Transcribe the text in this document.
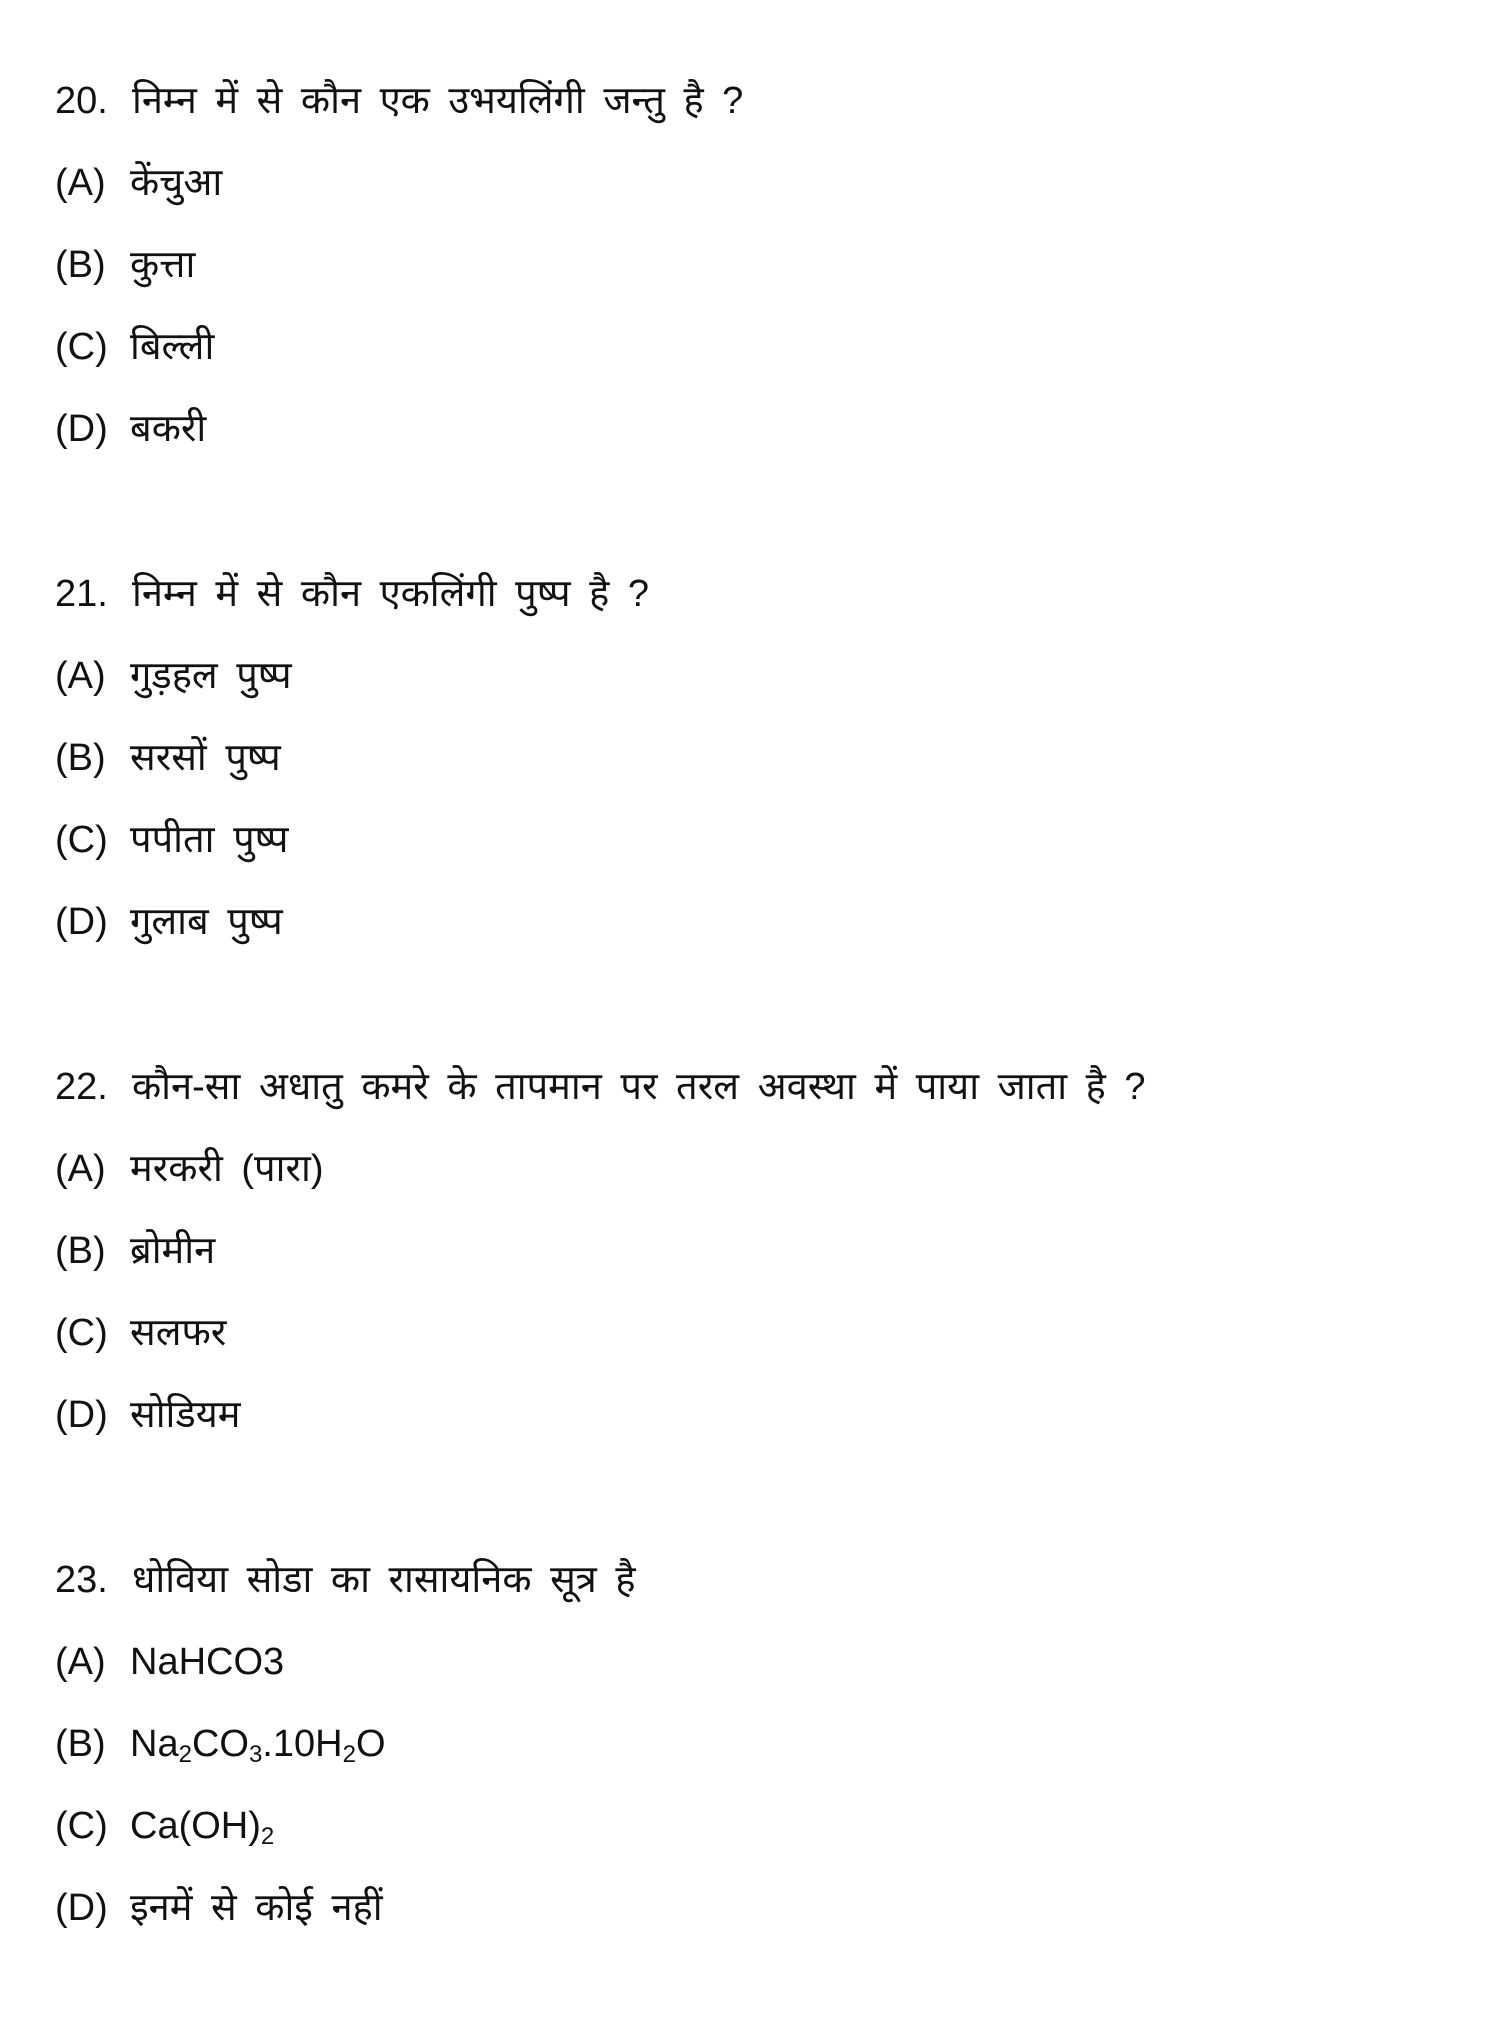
20. निम्न में से कौन एक उभयलिंगी जन्तु है ?
(A) केंचुआ
(B) कुत्ता
(C) बिल्ली
(D) बकरी
21. निम्न में से कौन एकलिंगी पुष्प है ?
(A) गुड़हल पुष्प
(B) सरसों पुष्प
(C) पपीता पुष्प
(D) गुलाब पुष्प
22. कौन-सा अधातु कमरे के तापमान पर तरल अवस्था में पाया जाता है ?
(A) मरकरी (पारा)
(B) ब्रोमीन
(C) सलफर
(D) सोडियम
23. धोविया सोडा का रासायनिक सूत्र है
(A) NaHCO3
(B) $Na_2CO_3.10H_2O$
(C) $Ca(OH)_2$
(D) इनमें से कोई नहीं
